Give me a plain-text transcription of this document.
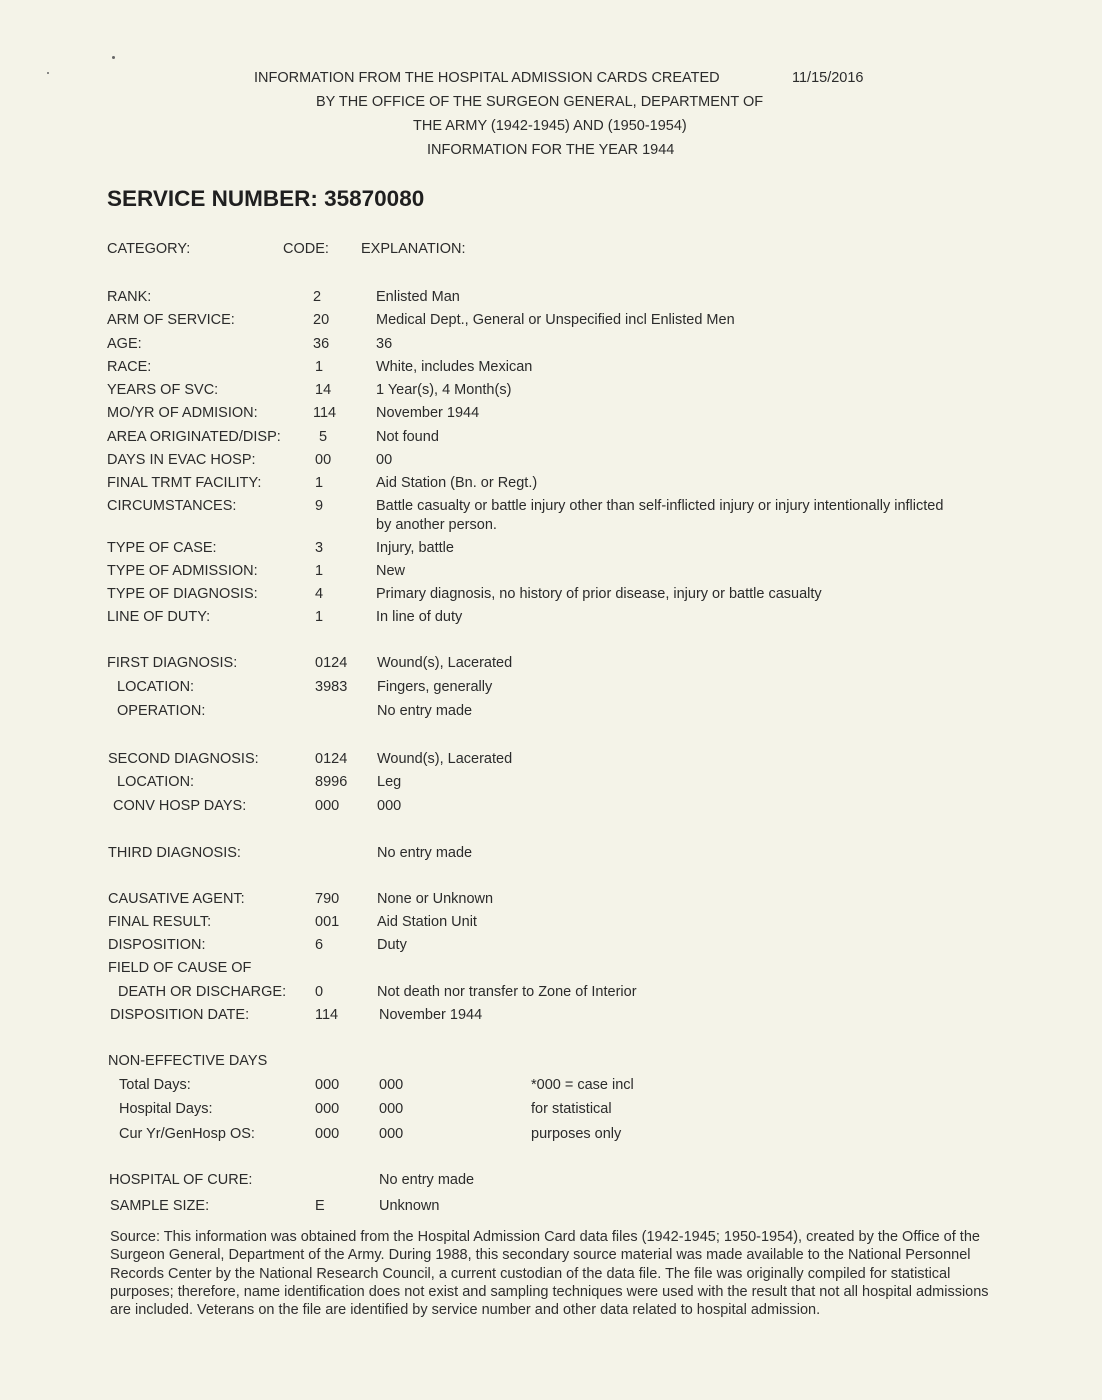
INFORMATION FROM THE HOSPITAL ADMISSION CARDS CREATED	11/15/2016
BY THE OFFICE OF THE SURGEON GENERAL, DEPARTMENT OF
THE ARMY (1942-1945) AND (1950-1954)
INFORMATION FOR THE YEAR 1944
SERVICE NUMBER: 35870080
CATEGORY:	CODE: EXPLANATION:
RANK:	2	Enlisted Man
ARM OF SERVICE:	20	Medical Dept., General or Unspecified incl Enlisted Men
AGE:	36	36
RACE:	1	White, includes Mexican
YEARS OF SVC:	14	1 Year(s), 4 Month(s)
MO/YR OF ADMISION:	114	November 1944
AREA ORIGINATED/DISP:	5	Not found
DAYS IN EVAC HOSP:	00	00
FINAL TRMT FACILITY:	1	Aid Station (Bn. or Regt.)
CIRCUMSTANCES:	9	Battle casualty or battle injury other than self-inflicted injury or injury intentionally inflicted
by another person.
TYPE OF CASE:	3	Injury, battle
TYPE OF ADMISSION:	1	New
TYPE OF DIAGNOSIS:	4	Primary diagnosis, no history of prior disease, injury or battle casualty
LINE OF DUTY:	1	In line of duty
FIRST DIAGNOSIS:	0124 Wound(s), Lacerated
LOCATION:	3983 Fingers, generally
OPERATION:	No entry made
SECOND DIAGNOSIS:	0124 Wound(s), Lacerated
LOCATION:	8996 Leg
CONV HOSP DAYS:	000	000
THIRD DIAGNOSIS:	No entry made
CAUSATIVE AGENT:	790	None or Unknown
FINAL RESULT:	001	Aid Station Unit
DISPOSITION:	6	Duty
FIELD OF CAUSE OF
DEATH OR DISCHARGE: 0	Not death nor transfer to Zone of Interior
DISPOSITION DATE:	114	November 1944
NON-EFFECTIVE DAYS
Total Days:	000	000	*000 = case incl
Hospital Days:	000	000	for statistical
Cur Yr/GenHosp OS:	000	000	purposes only
HOSPITAL OF CURE:	No entry made
SAMPLE SIZE:	E	Unknown
Source: This information was obtained from the Hospital Admission Card data files (1942-1945; 1950-1954), created by the Office of the Surgeon General, Department of the Army. During 1988, this secondary source material was made available to the National Personnel Records Center by the National Research Council, a current custodian of the data file. The file was originally compiled for statistical purposes; therefore, name identification does not exist and sampling techniques were used with the result that not all hospital admissions are included. Veterans on the file are identified by service number and other data related to hospital admission.
